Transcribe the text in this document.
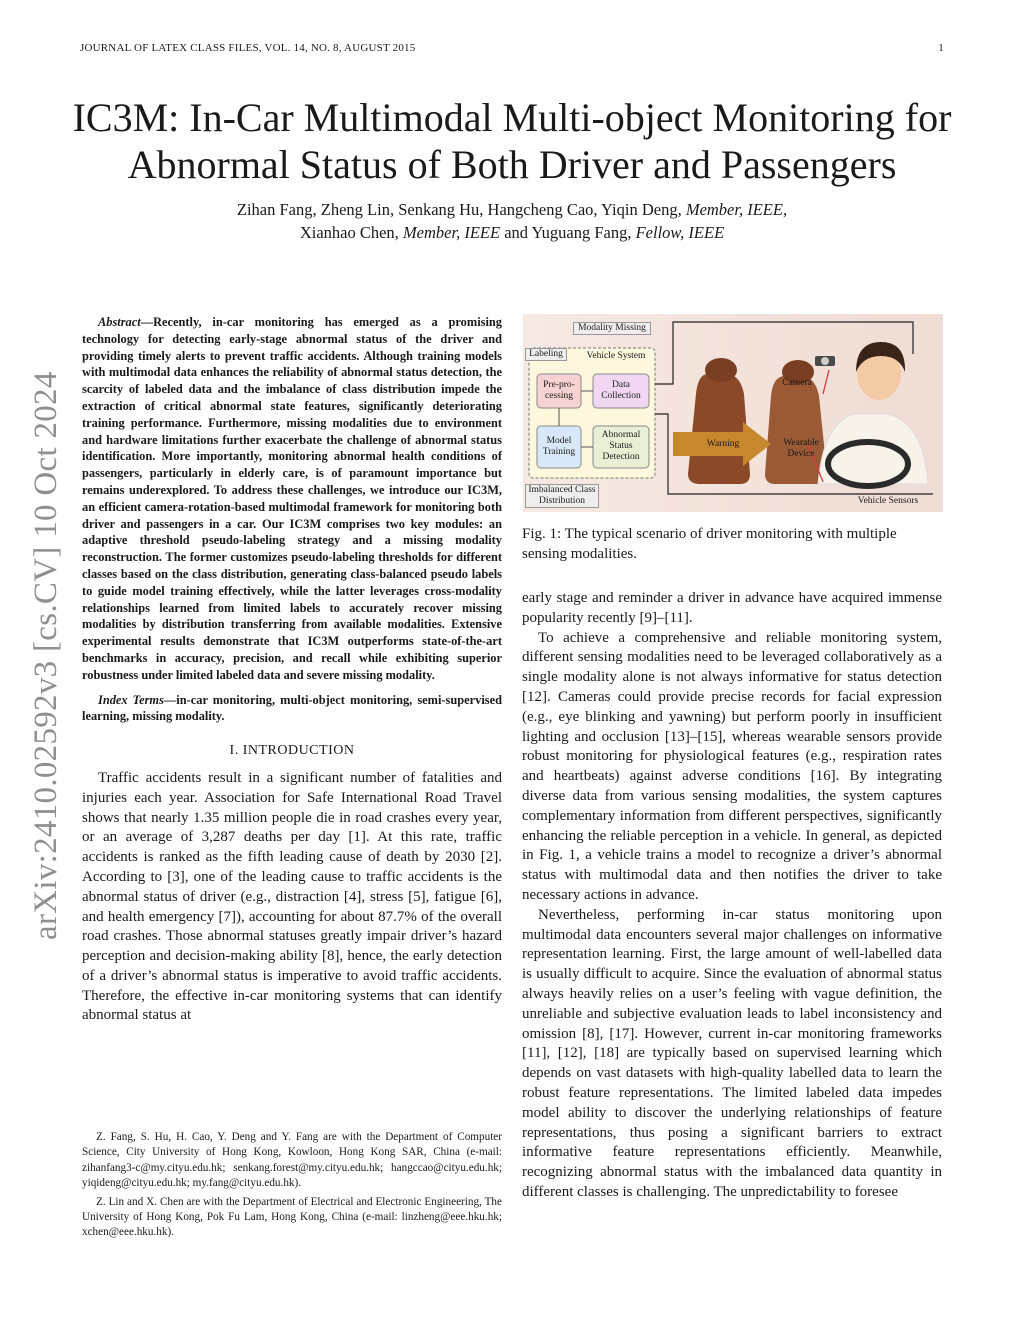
JOURNAL OF LATEX CLASS FILES, VOL. 14, NO. 8, AUGUST 2015	1
IC3M: In-Car Multimodal Multi-object Monitoring for Abnormal Status of Both Driver and Passengers
Zihan Fang, Zheng Lin, Senkang Hu, Hangcheng Cao, Yiqin Deng, Member, IEEE,
Xianhao Chen, Member, IEEE and Yuguang Fang, Fellow, IEEE
arXiv:2410.02592v3 [cs.CV] 10 Oct 2024

Abstract—Recently, in-car monitoring has emerged as a promising technology for detecting early-stage abnormal status of the driver and providing timely alerts to prevent traffic accidents. Although training models with multimodal data enhances the reliability of abnormal status detection, the scarcity of labeled data and the imbalance of class distribution impede the extraction of critical abnormal state features, significantly deteriorating training performance. Furthermore, missing modalities due to environment and hardware limitations further exacerbate the challenge of abnormal status identification. More importantly, monitoring abnormal health conditions of passengers, particularly in elderly care, is of paramount importance but remains underexplored. To address these challenges, we introduce our IC3M, an efficient camera-rotation-based multimodal framework for monitoring both driver and passengers in a car. Our IC3M comprises two key modules: an adaptive threshold pseudo-labeling strategy and a missing modality reconstruction. The former customizes pseudo-labeling thresholds for different classes based on the class distribution, generating class-balanced pseudo labels to guide model training effectively, while the latter leverages cross-modality relationships learned from limited labels to accurately recover missing modalities by distribution transferring from available modalities. Extensive experimental results demonstrate that IC3M outperforms state-of-the-art benchmarks in accuracy, precision, and recall while exhibiting superior robustness under limited labeled data and severe missing modality.

Index Terms—in-car monitoring, multi-object monitoring, semi-supervised learning, missing modality.

I. INTRODUCTION

Traffic accidents result in a significant number of fatalities and injuries each year. Association for Safe International Road Travel shows that nearly 1.35 million people die in road crashes every year, or an average of 3,287 deaths per day [1]. At this rate, traffic accidents is ranked as the fifth leading cause of death by 2030 [2]. According to [3], one of the leading cause to traffic accidents is the abnormal status of driver (e.g., distraction [4], stress [5], fatigue [6], and health emergency [7]), accounting for about 87.7% of the overall road crashes. Those abnormal statuses greatly impair driver’s hazard perception and decision-making ability [8], hence, the early detection of a driver’s abnormal status is imperative to avoid traffic accidents. Therefore, the effective in-car monitoring systems that can identify abnormal status at

Z. Fang, S. Hu, H. Cao, Y. Deng and Y. Fang are with the Department of Computer Science, City University of Hong Kong, Kowloon, Hong Kong SAR, China (e-mail: zihanfang3-c@my.cityu.edu.hk; senkang.forest@my.cityu.edu.hk; hangccao@cityu.edu.hk; yiqideng@cityu.edu.hk; my.fang@cityu.edu.hk).

Z. Lin and X. Chen are with the Department of Electrical and Electronic Engineering, The University of Hong Kong, Pok Fu Lam, Hong Kong, China (e-mail: linzheng@eee.hku.hk; xchen@eee.hku.hk).

Modality Missing
Labeling	Vehicle System
Pre-pro-cessing
Data Collection
Model Training
Abnormal Status Detection
Imbalanced Class Distribution
Warning
Camera
Wearable Device
Vehicle Sensors
Fig. 1: The typical scenario of driver monitoring with multiple sensing modalities.

early stage and reminder a driver in advance have acquired immense popularity recently [9]–[11].

To achieve a comprehensive and reliable monitoring system, different sensing modalities need to be leveraged collaboratively as a single modality alone is not always informative for status detection [12]. Cameras could provide precise records for facial expression (e.g., eye blinking and yawning) but perform poorly in insufficient lighting and occlusion [13]–[15], whereas wearable sensors provide robust monitoring for physiological features (e.g., respiration rates and heartbeats) against adverse conditions [16]. By integrating diverse data from various sensing modalities, the system captures complementary information from different perspectives, significantly enhancing the reliable perception in a vehicle. In general, as depicted in Fig. 1, a vehicle trains a model to recognize a driver’s abnormal status with multimodal data and then notifies the driver to take necessary actions in advance.

Nevertheless, performing in-car status monitoring upon multimodal data encounters several major challenges on informative representation learning. First, the large amount of well-labelled data is usually difficult to acquire. Since the evaluation of abnormal status always heavily relies on a user’s feeling with vague definition, the unreliable and subjective evaluation leads to label inconsistency and omission [8], [17]. However, current in-car monitoring frameworks [11], [12], [18] are typically based on supervised learning which depends on vast datasets with high-quality labelled data to learn the robust feature representations. The limited labeled data impedes model ability to discover the underlying relationships of feature representations, thus posing a significant barriers to extract informative feature representations efficiently. Meanwhile, recognizing abnormal status with the imbalanced data quantity in different classes is challenging. The unpredictability to foresee
